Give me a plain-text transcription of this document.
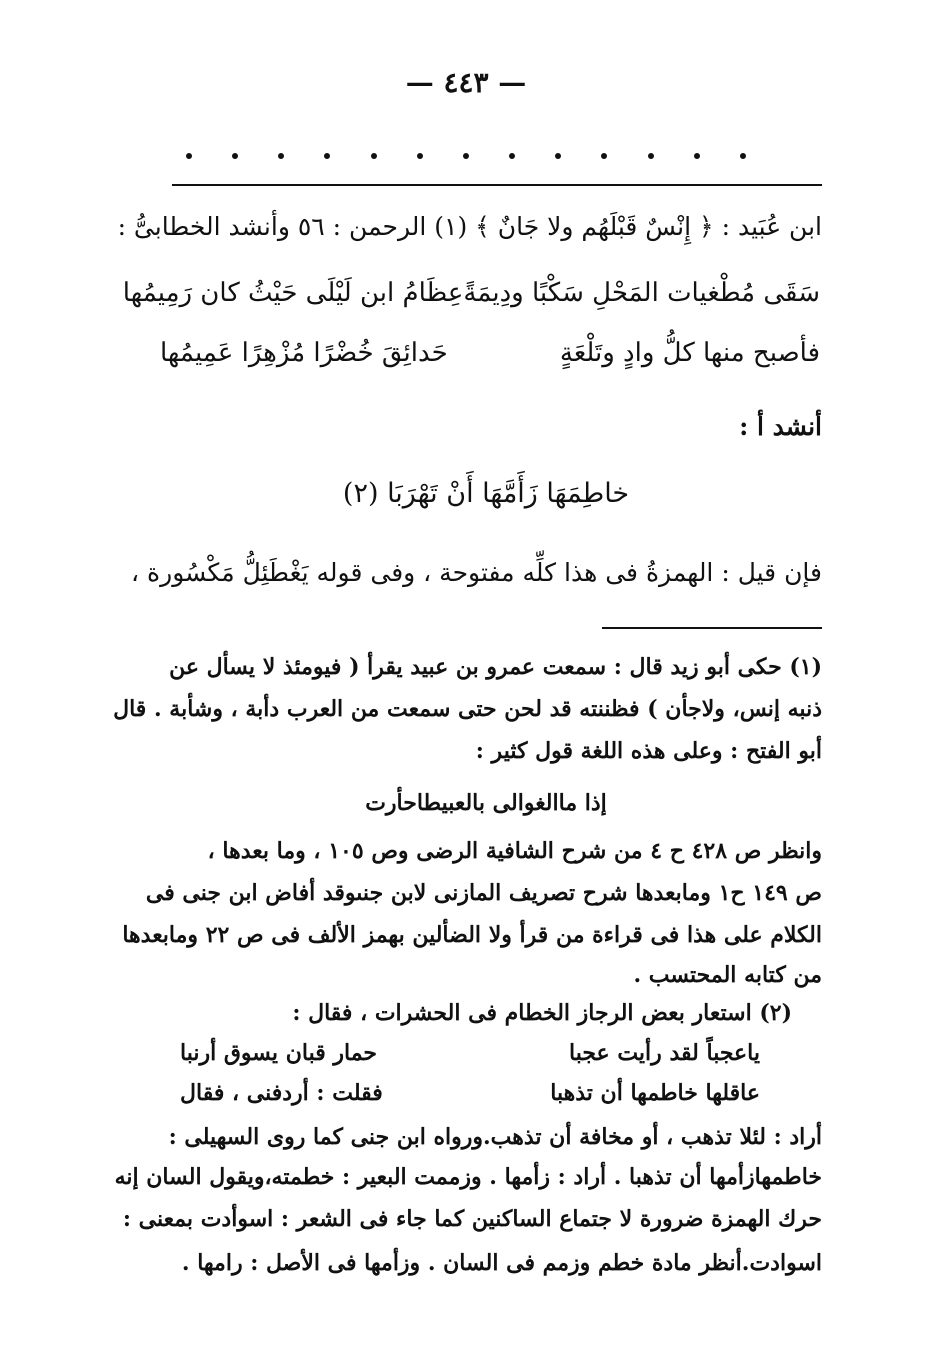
— ٤٤٣ —
ابن عُبَيد : ﴿ إِنْسٌ قَبْلَهُم ولا جَانٌ ﴾ (١) الرحمن : ٥٦ وأنشد الخطابىُّ :
سَقَى مُطْغيات المَحْلِ سَكْبًا ودِيمَةً
عِظَامُ ابن لَيْلَى حَيْثُ كان رَمِيمُها
فأصبح منها كلُّ وادٍ وتَلْعَةٍ
حَدائِقَ خُضْرًا مُزْهِرًا عَمِيمُها
أنشد أ :
خاطِمَهَا زَأَمَّهَا أَنْ تَهْرَبَا (٢)
فإن قيل : الهمزةُ فى هذا كلِّه مفتوحة ، وفى قوله يَغْطَئِلُّ مَكْسُورة ،
(١) حكى أبو زيد قال : سمعت عمرو بن عبيد يقرأ ( فيومئذ لا يسأل عن
ذنبه إنس، ولاجأن ) فظننته قد لحن حتى سمعت من العرب دأبة ، وشأبة . قال
أبو الفتح : وعلى هذه اللغة قول كثير :
إذا ماالغوالى بالعبيطاحأرت
وانظر ص ٤٢٨ ح ٤ من شرح الشافية الرضى وص ١٠٥ ، وما بعدها ،
ص ١٤٩ ح١ ومابعدها شرح تصريف المازنى لابن جنىوقد أفاض ابن جنى فى
الكلام على هذا فى قراءة من قرأ ولا الضألين بهمز الألف فى ص ٢٢ ومابعدها
من كتابه المحتسب .
(٢) استعار بعض الرجاز الخطام فى الحشرات ، فقال :
ياعجباً لقد رأيت عجبا
حمار قبان يسوق أرنبا
عاقلها خاطمها أن تذهبا
فقلت : أردفنى ، فقال
أراد : لئلا تذهب ، أو مخافة أن تذهب.ورواه ابن جنى كما روى السهيلى :
خاطمهازأمها أن تذهبا . أراد : زأمها . وزممت البعير : خطمته،ويقول السان إنه
حرك الهمزة ضرورة لا جتماع الساكنين كما جاء فى الشعر : اسوأدت بمعنى :
اسوادت.أنظر مادة خطم وزمم فى السان . وزأمها فى الأصل : رامها .
